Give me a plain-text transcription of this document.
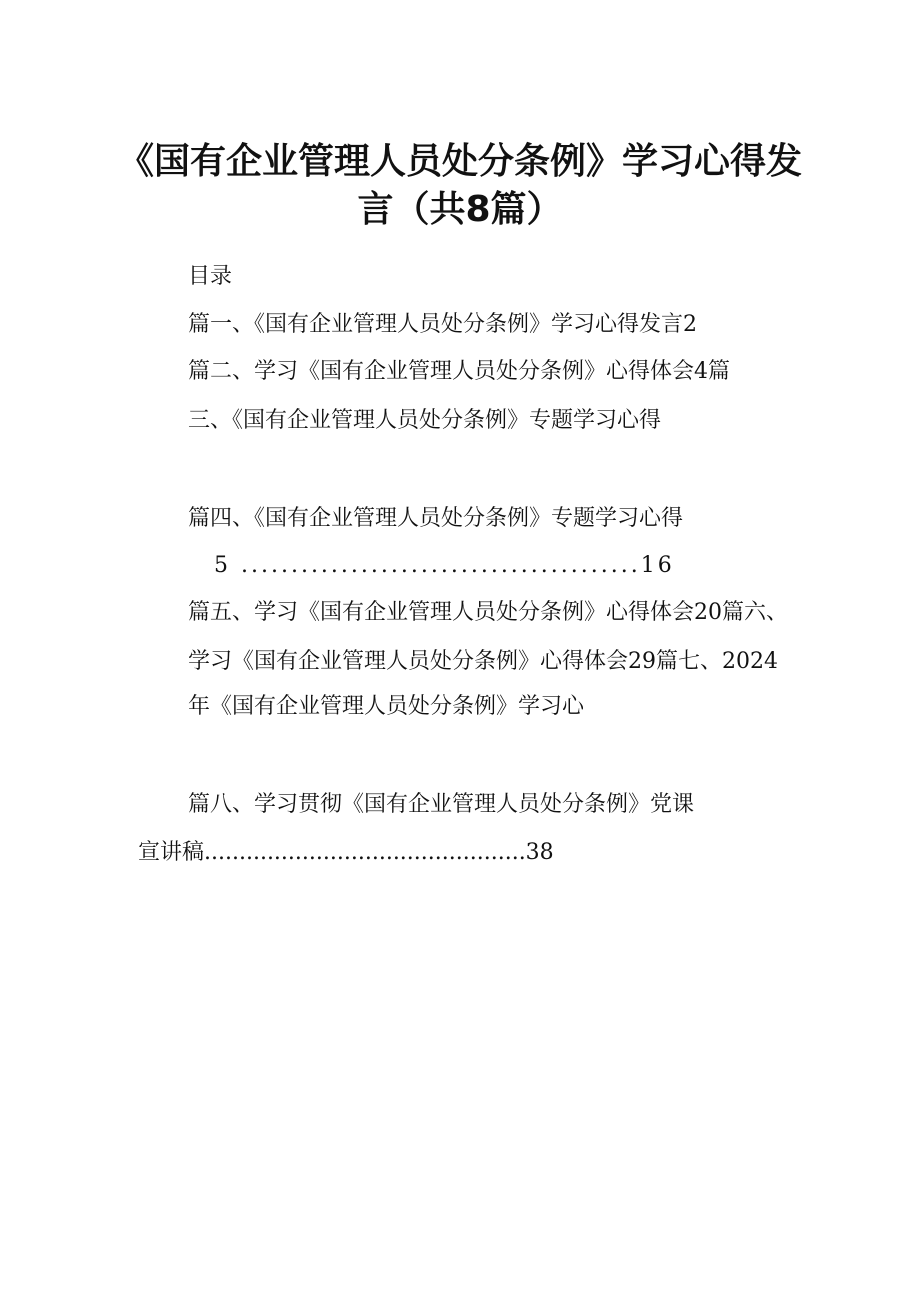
《国有企业管理人员处分条例》学习心得发
言（共8篇）
目录
篇一、《国有企业管理人员处分条例》学习心得发言2
篇二、学习《国有企业管理人员处分条例》心得体会4篇
三、《国有企业管理人员处分条例》专题学习心得
篇四、《国有企业管理人员处分条例》专题学习心得
5 ........................................16
篇五、学习《国有企业管理人员处分条例》心得体会20篇六、
学习《国有企业管理人员处分条例》心得体会29篇七、2024
年《国有企业管理人员处分条例》学习心
篇八、学习贯彻《国有企业管理人员处分条例》党课
宣讲稿..............................................38
